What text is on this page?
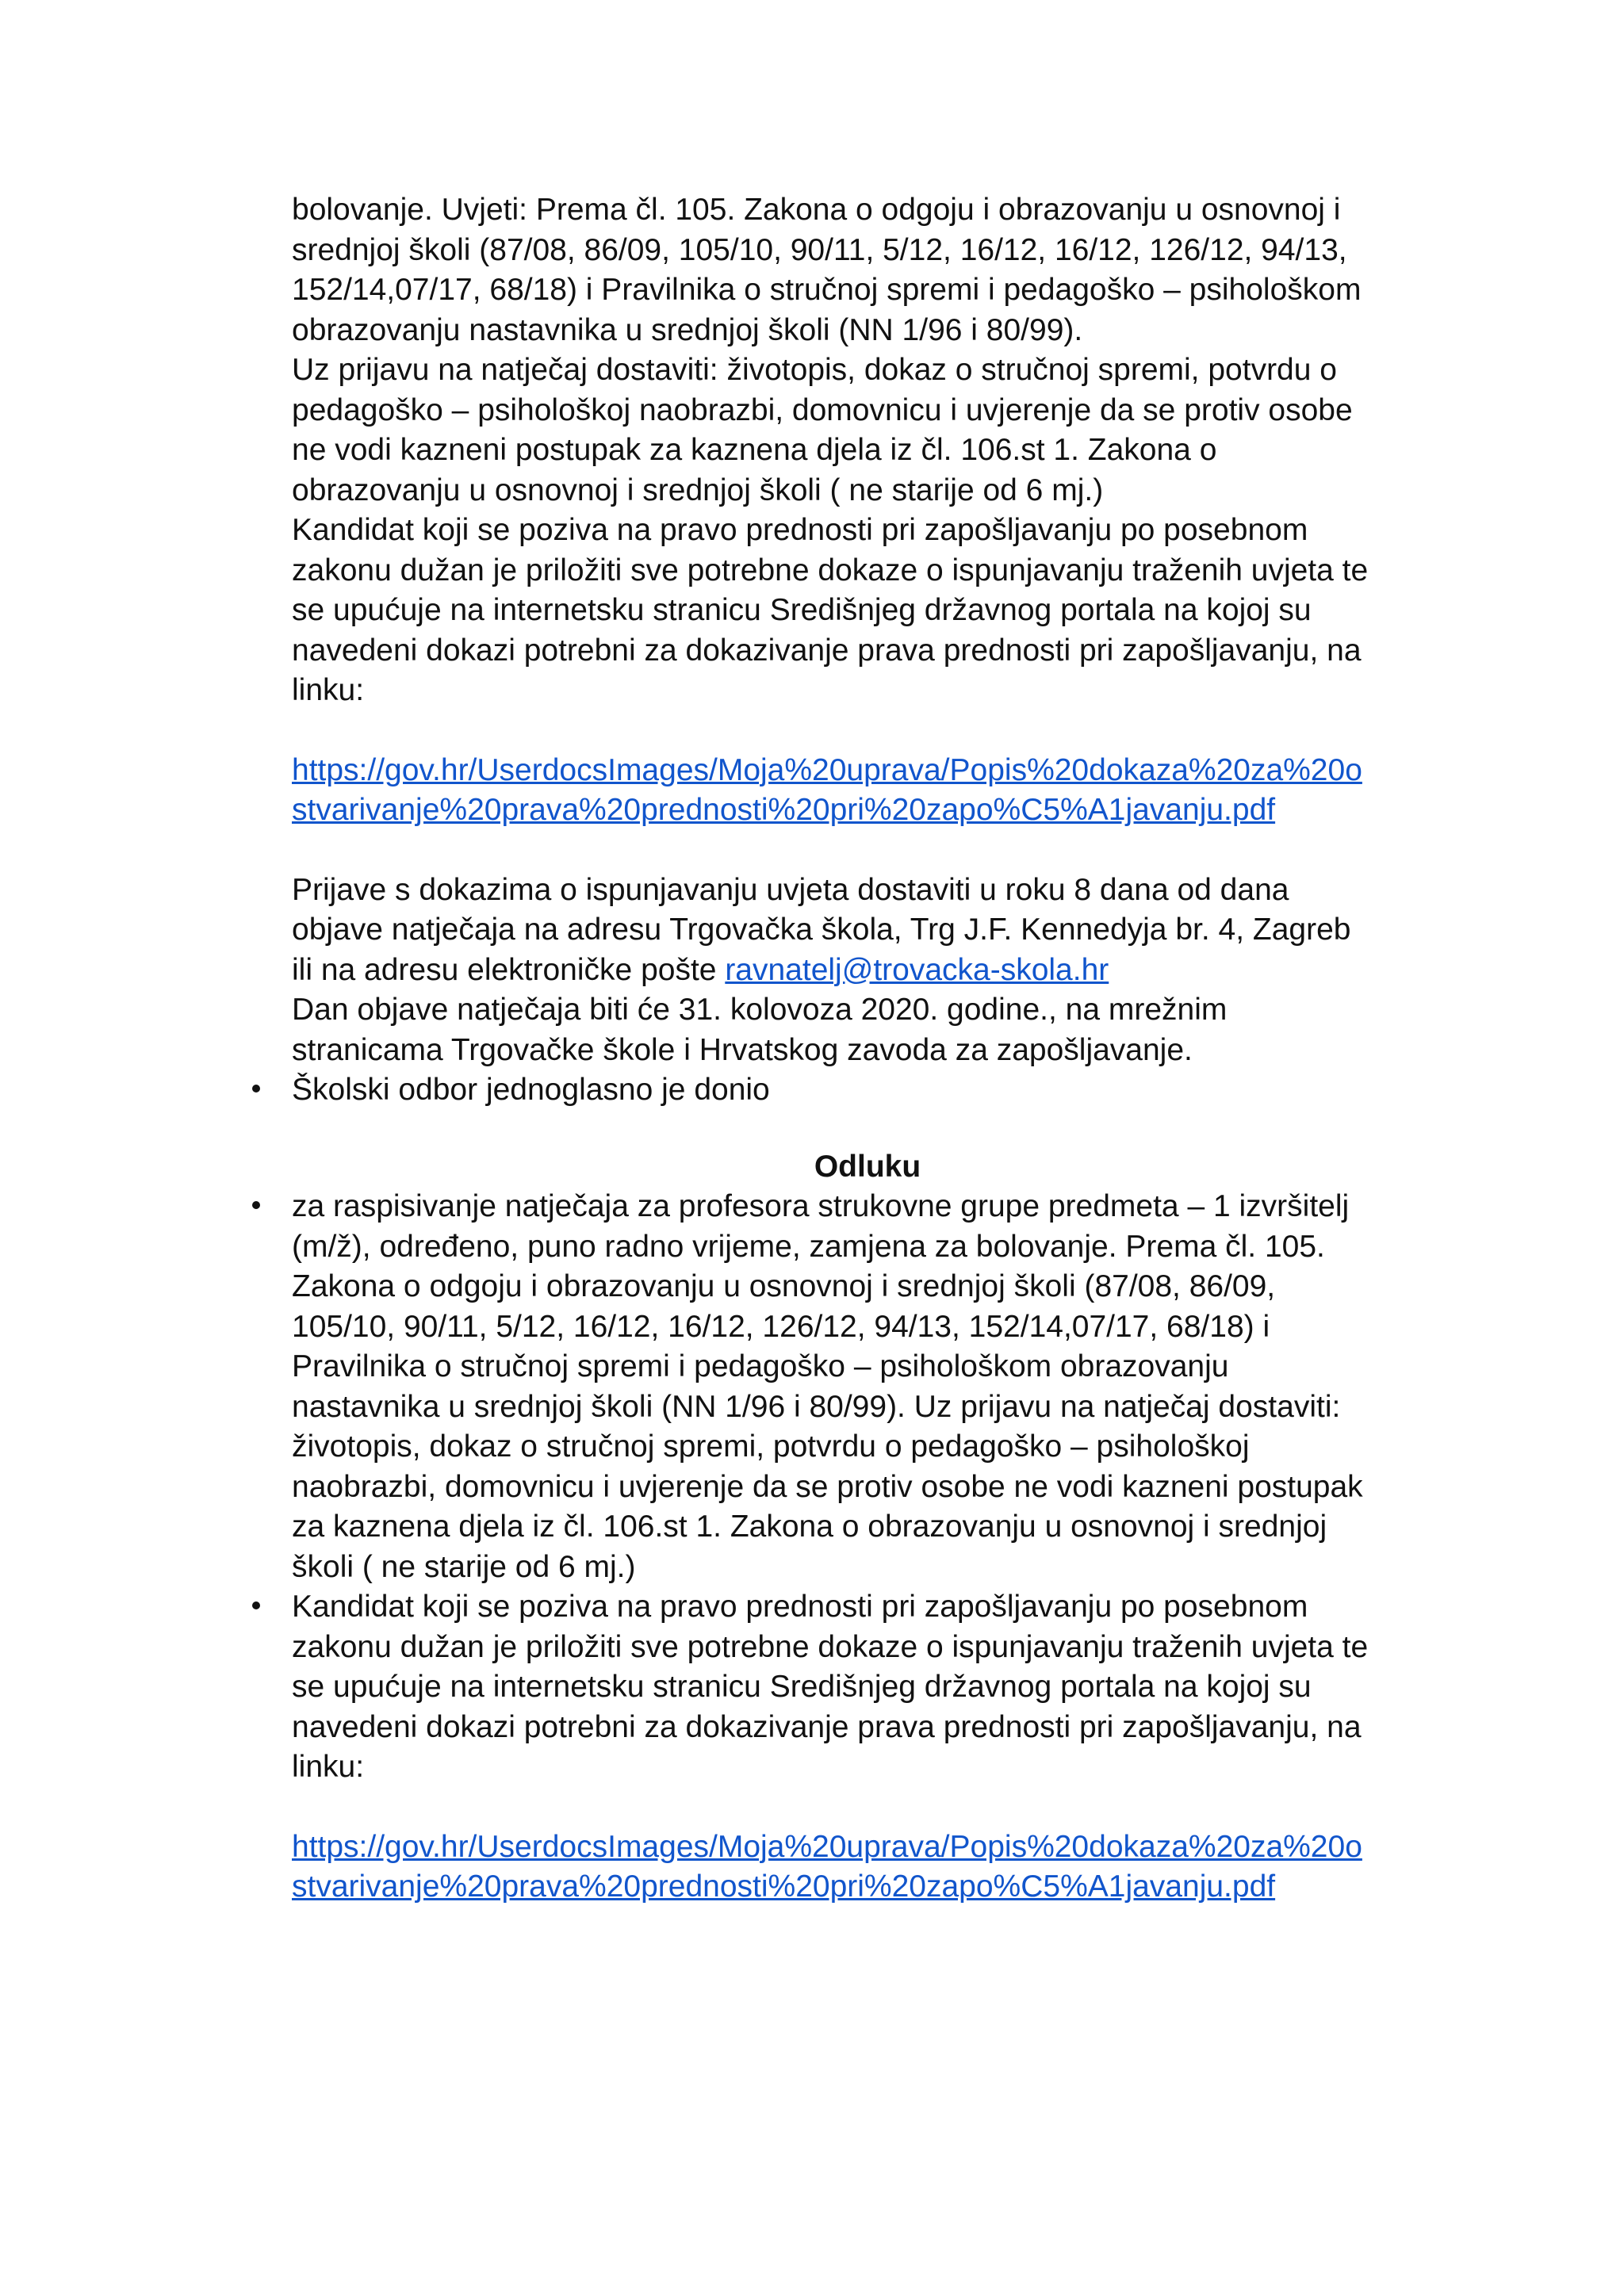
bolovanje. Uvjeti: Prema čl. 105. Zakona o odgoju i obrazovanju u osnovnoj i
srednjoj školi (87/08, 86/09, 105/10, 90/11, 5/12, 16/12, 16/12, 126/12, 94/13,
152/14,07/17, 68/18) i Pravilnika o stručnoj spremi i pedagoško – psihološkom
obrazovanju nastavnika u srednjoj školi (NN 1/96 i 80/99).

Uz prijavu na natječaj dostaviti: životopis, dokaz o stručnoj spremi, potvrdu o
pedagoško – psihološkoj naobrazbi, domovnicu i uvjerenje da se protiv osobe
ne vodi kazneni postupak za kaznena djela iz čl. 106.st 1. Zakona o
obrazovanju u osnovnoj i srednjoj školi ( ne starije od 6 mj.)

Kandidat koji se poziva na pravo prednosti pri zapošljavanju po posebnom
zakonu dužan je priložiti sve potrebne dokaze o ispunjavanju traženih uvjeta te
se upućuje na internetsku stranicu Središnjeg državnog portala na kojoj su
navedeni dokazi potrebni za dokazivanje prava prednosti pri zapošljavanju, na
linku:

https://gov.hr/UserdocsImages/Moja%20uprava/Popis%20dokaza%20za%20o
stvarivanje%20prava%20prednosti%20pri%20zapo%C5%A1javanju.pdf

Prijave s dokazima o ispunjavanju uvjeta dostaviti u roku 8 dana od dana
objave natječaja na adresu Trgovačka škola, Trg J.F. Kennedyja br. 4, Zagreb
ili na adresu elektroničke pošte ravnatelj@trovacka-skola.hr

Dan objave natječaja biti će 31. kolovoza 2020. godine., na mrežnim
stranicama Trgovačke škole i Hrvatskog zavoda za zapošljavanje.

Školski odbor jednoglasno je donio

Odluku

za raspisivanje natječaja za profesora strukovne grupe predmeta – 1 izvršitelj
(m/ž), određeno, puno radno vrijeme, zamjena za bolovanje. Prema čl. 105.
Zakona o odgoju i obrazovanju u osnovnoj i srednjoj školi (87/08, 86/09,
105/10, 90/11, 5/12, 16/12, 16/12, 126/12, 94/13, 152/14,07/17, 68/18) i
Pravilnika o stručnoj spremi i pedagoško – psihološkom obrazovanju
nastavnika u srednjoj školi (NN 1/96 i 80/99). Uz prijavu na natječaj dostaviti:
životopis, dokaz o stručnoj spremi, potvrdu o pedagoško – psihološkoj
naobrazbi, domovnicu i uvjerenje da se protiv osobe ne vodi kazneni postupak
za kaznena djela iz čl. 106.st 1. Zakona o obrazovanju u osnovnoj i srednjoj
školi ( ne starije od 6 mj.)

Kandidat koji se poziva na pravo prednosti pri zapošljavanju po posebnom
zakonu dužan je priložiti sve potrebne dokaze o ispunjavanju traženih uvjeta te
se upućuje na internetsku stranicu Središnjeg državnog portala na kojoj su
navedeni dokazi potrebni za dokazivanje prava prednosti pri zapošljavanju, na
linku:

https://gov.hr/UserdocsImages/Moja%20uprava/Popis%20dokaza%20za%20o
stvarivanje%20prava%20prednosti%20pri%20zapo%C5%A1javanju.pdf
